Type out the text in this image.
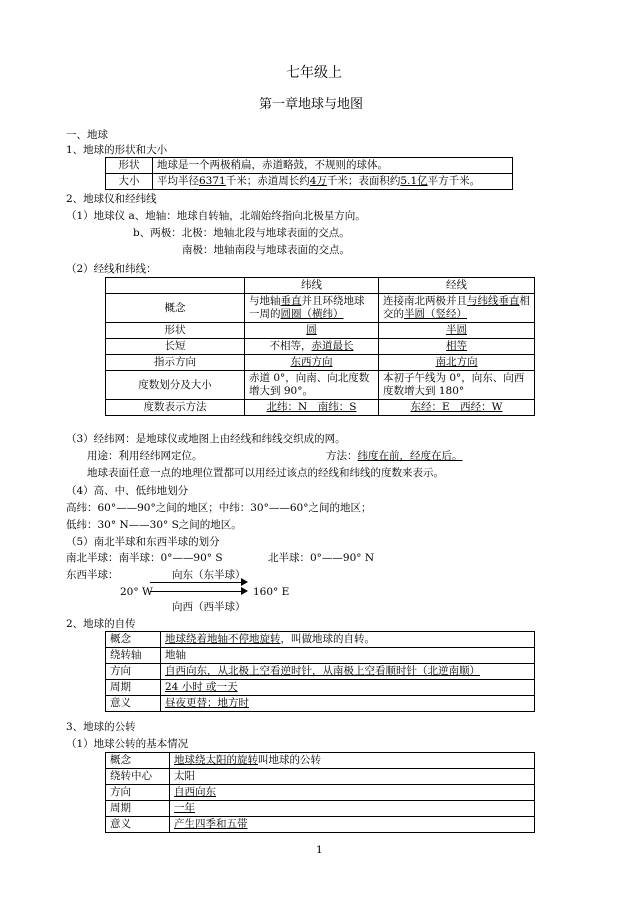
七年级上
第一章地球与地图
一、地球
1、地球的形状和大小
形状	地球是一个两极稍扁，赤道略鼓，不规则的球体。
大小	平均半径6371千米；赤道周长约4万千米；表面积约5.1亿平方千米。
2、地球仪和经纬线
（1）地球仪 a、地轴：地球自转轴，北端始终指向北极星方向。
b、两极：北极：地轴北段与地球表面的交点。
南极：地轴南段与地球表面的交点。
（2）经线和纬线：
	纬线	经线
概念	与地轴垂直并且环绕地球一周的圆圈（横纬）	连接南北两极并且与纬线垂直相交的半圆（竖经）
形状	圆	半圆
长短	不相等，赤道最长	相等
指示方向	东西方向	南北方向
度数划分及大小	赤道 0°，向南、向北度数增大到 90°。	本初子午线为 0°，向东、向西度数增大到 180°
度数表示方法	北纬：N　南纬：S	东经：E　西经：W
（3）经纬网：是地球仪或地图上由经线和纬线交织成的网。
用途：利用经纬网定位。	方法：纬度在前，经度在后。
地球表面任意一点的地理位置都可以用经过该点的经线和纬线的度数来表示。
（4）高、中、低纬地划分
高纬：60°——90°之间的地区；中纬：30°——60°之间的地区；
低纬：30° N——30° S之间的地区。
（5）南北半球和东西半球的划分
南北半球：南半球：0°——90° S	北半球：0°——90° N
东西半球：	向东（东半球）
20° W	160° E
向西（西半球）
2、地球的自传
概念	地球绕着地轴不停地旋转，叫做地球的自转。
绕转轴	地轴
方向	自西向东，从北极上空看逆时针，从南极上空看顺时针（北逆南顺）
周期	24 小时 或一天
意义	昼夜更替；地方时
3、地球的公转
（1）地球公转的基本情况
概念	地球绕太阳的旋转叫地球的公转
绕转中心	太阳
方向	自西向东
周期	一年
意义	产生四季和五带
1
